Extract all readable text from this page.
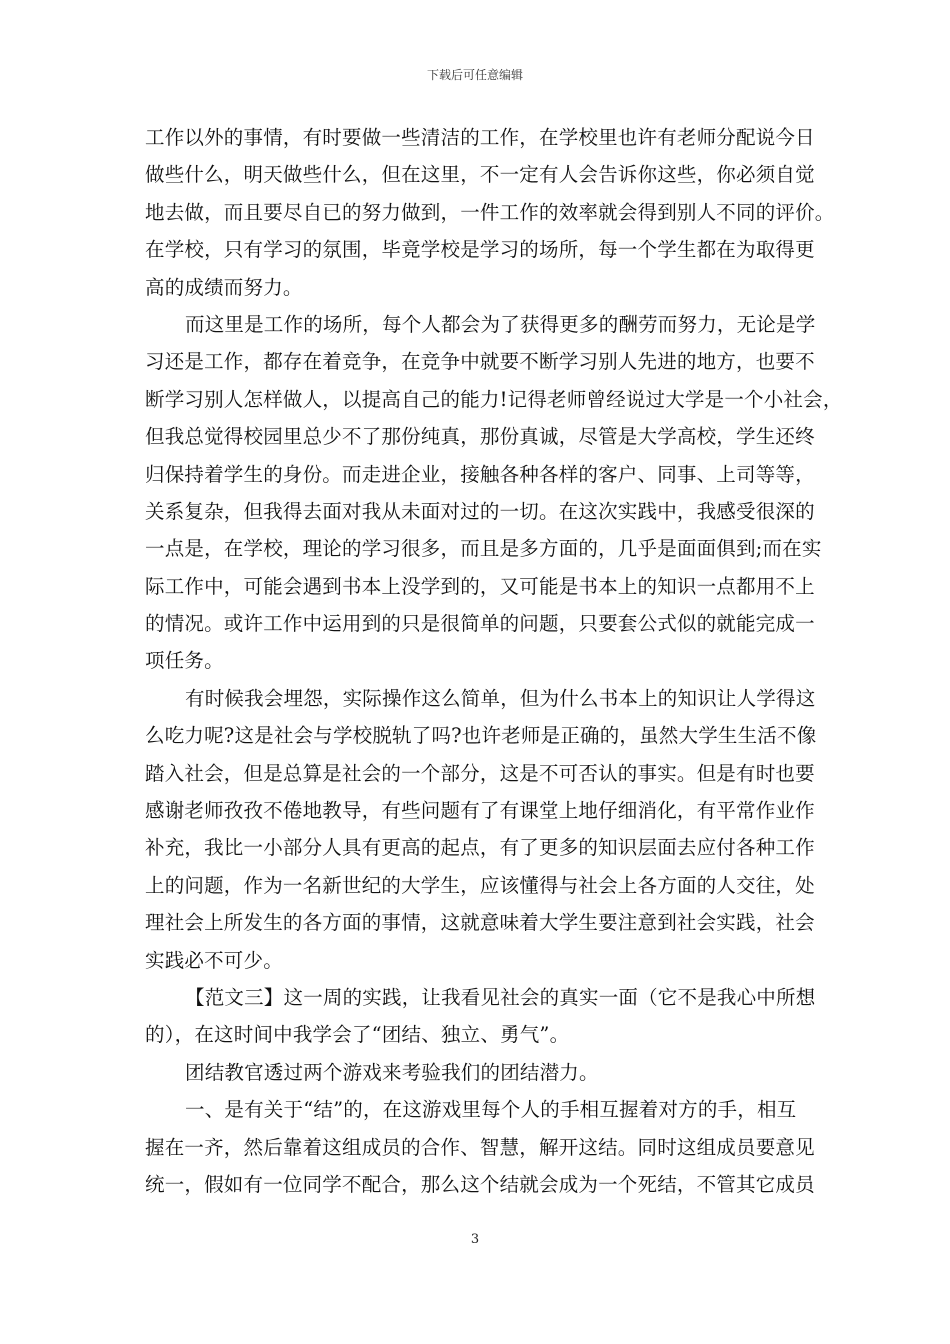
下载后可任意编辑
工作以外的事情，有时要做一些清洁的工作，在学校里也许有老师分配说今日
做些什么，明天做些什么，但在这里，不一定有人会告诉你这些，你必须自觉
地去做，而且要尽自已的努力做到，一件工作的效率就会得到别人不同的评价。
在学校，只有学习的氛围，毕竟学校是学习的场所，每一个学生都在为取得更
高的成绩而努力。
而这里是工作的场所，每个人都会为了获得更多的酬劳而努力，无论是学
习还是工作，都存在着竞争，在竞争中就要不断学习别人先进的地方，也要不
断学习别人怎样做人，以提高自己的能力!记得老师曾经说过大学是一个小社会，
但我总觉得校园里总少不了那份纯真，那份真诚，尽管是大学高校，学生还终
归保持着学生的身份。而走进企业，接触各种各样的客户、同事、上司等等，
关系复杂，但我得去面对我从未面对过的一切。在这次实践中，我感受很深的
一点是，在学校，理论的学习很多，而且是多方面的，几乎是面面俱到;而在实
际工作中，可能会遇到书本上没学到的，又可能是书本上的知识一点都用不上
的情况。或许工作中运用到的只是很简单的问题，只要套公式似的就能完成一
项任务。
有时候我会埋怨，实际操作这么简单，但为什么书本上的知识让人学得这
么吃力呢?这是社会与学校脱轨了吗?也许老师是正确的，虽然大学生生活不像
踏入社会，但是总算是社会的一个部分，这是不可否认的事实。但是有时也要
感谢老师孜孜不倦地教导，有些问题有了有课堂上地仔细消化，有平常作业作
补充，我比一小部分人具有更高的起点，有了更多的知识层面去应付各种工作
上的问题，作为一名新世纪的大学生，应该懂得与社会上各方面的人交往，处
理社会上所发生的各方面的事情，这就意味着大学生要注意到社会实践，社会
实践必不可少。
【范文三】这一周的实践，让我看见社会的真实一面（它不是我心中所想
的），在这时间中我学会了“团结、独立、勇气”。
团结教官透过两个游戏来考验我们的团结潜力。
一、是有关于“结”的，在这游戏里每个人的手相互握着对方的手，相互
握在一齐，然后靠着这组成员的合作、智慧，解开这结。同时这组成员要意见
统一，假如有一位同学不配合，那么这个结就会成为一个死结，不管其它成员
3
